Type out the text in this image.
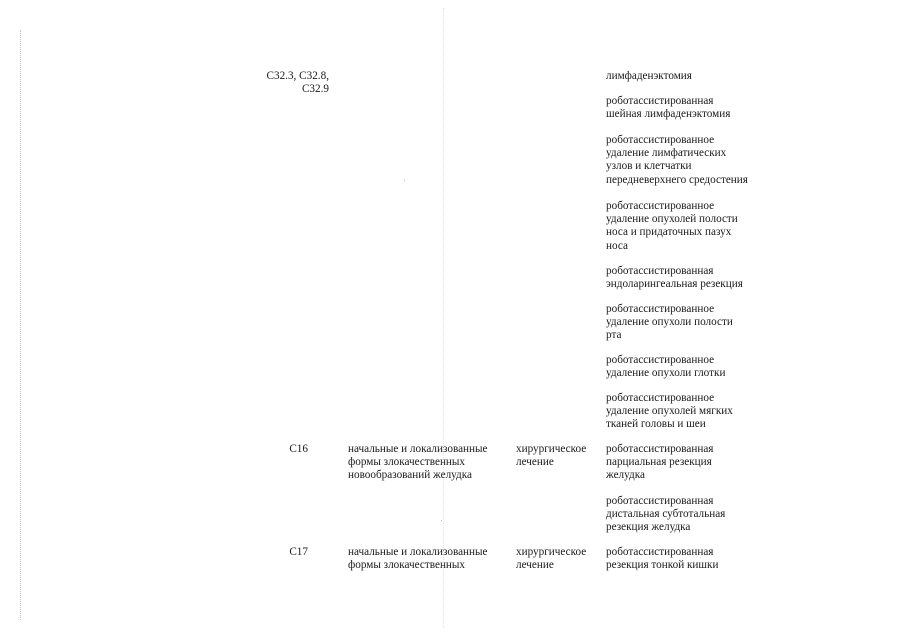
С32.3, С32.8,
С32.9
лимфаденэктомия
роботассистированная
шейная лимфаденэктомия
роботассистированное
удаление лимфатических
узлов и клетчатки
передневерхнего средостения
роботассистированное
удаление опухолей полости
носа и придаточных пазух
носа
роботассистированная
эндоларингеальная резекция
роботассистированное
удаление опухоли полости
рта
роботассистированное
удаление опухоли глотки
роботассистированное
удаление опухолей мягких
тканей головы и шеи
С16	начальные и локализованные
формы злокачественных
новообразований желудка
хирургическое
лечение
роботассистированная
парциальная резекция
желудка
роботассистированная
дистальная субтотальная
резекция желудка
С17	начальные и локализованные
формы злокачественных
хирургическое
лечение
роботассистированная
резекция тонкой кишки
